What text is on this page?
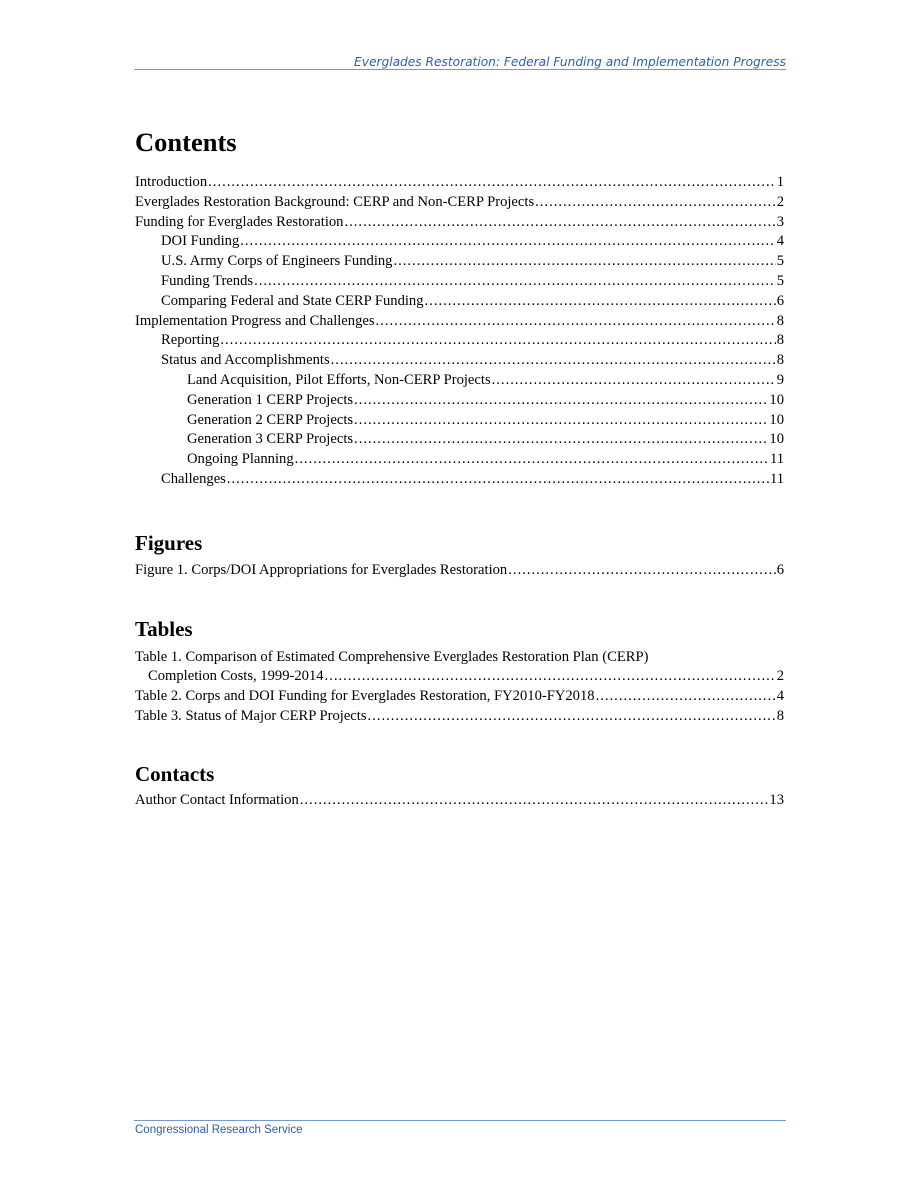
Everglades Restoration: Federal Funding and Implementation Progress
Contents
Introduction .....	1
Everglades Restoration Background: CERP and Non-CERP Projects .....	2
Funding for Everglades Restoration .....	3
DOI Funding .....	4
U.S. Army Corps of Engineers Funding .....	5
Funding Trends .....	5
Comparing Federal and State CERP Funding .....	6
Implementation Progress and Challenges .....	8
Reporting .....	8
Status and Accomplishments .....	8
Land Acquisition, Pilot Efforts, Non-CERP Projects .....	9
Generation 1 CERP Projects .....	10
Generation 2 CERP Projects .....	10
Generation 3 CERP Projects .....	10
Ongoing Planning .....	11
Challenges .....	11
Figures
Figure 1. Corps/DOI Appropriations for Everglades Restoration .....	6
Tables
Table 1. Comparison of Estimated Comprehensive Everglades Restoration Plan (CERP)
Completion Costs, 1999-2014 .....	2
Table 2. Corps and DOI Funding for Everglades Restoration, FY2010-FY2018 .....	4
Table 3. Status of Major CERP Projects .....	8
Contacts
Author Contact Information .....	13
Congressional Research Service
